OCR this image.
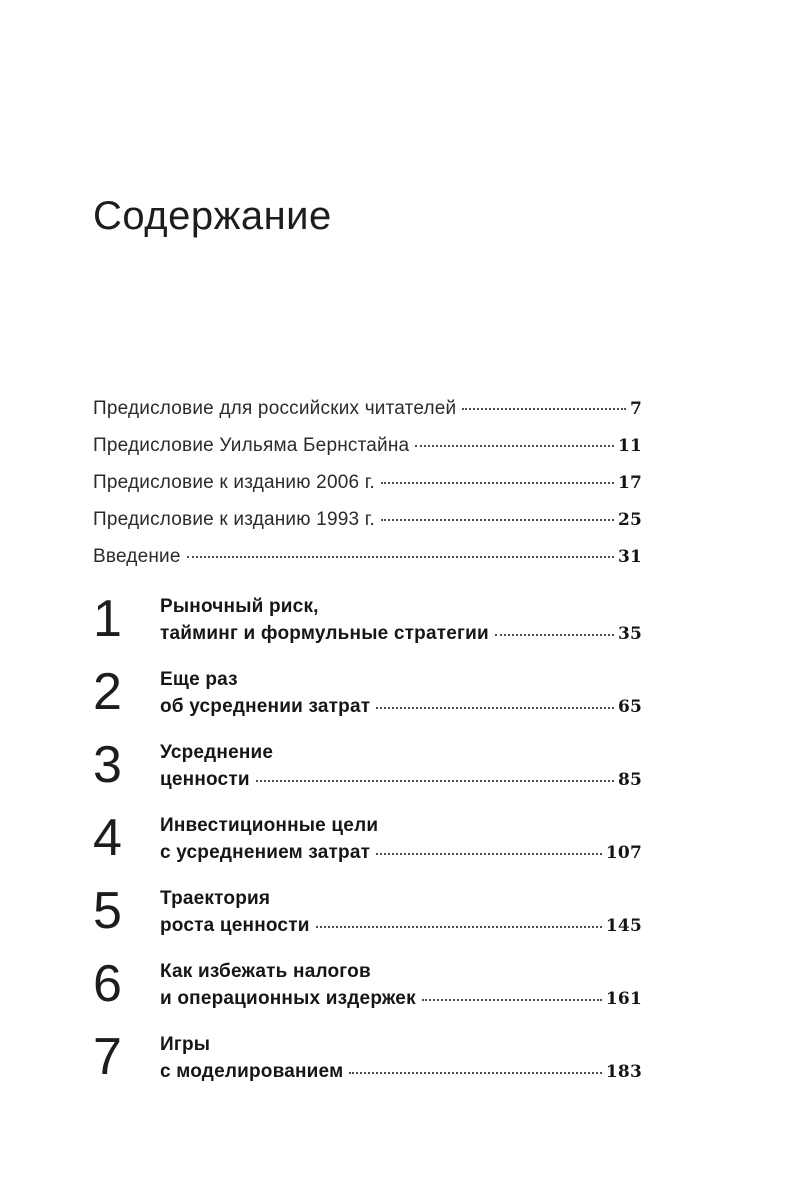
Содержание
Предисловие для российских читателей	7
Предисловие Уильяма Бернстайна	11
Предисловие к изданию 2006 г.	17
Предисловие к изданию 1993 г.	25
Введение	31
1	Рыночный риск,
тайминг и формульные стратегии	35
2	Еще раз
об усреднении затрат	65
3	Усреднение
ценности	85
4	Инвестиционные цели
с усреднением затрат	107
5	Траектория
роста ценности	145
6	Как избежать налогов
и операционных издержек	161
7	Игры
с моделированием	183
